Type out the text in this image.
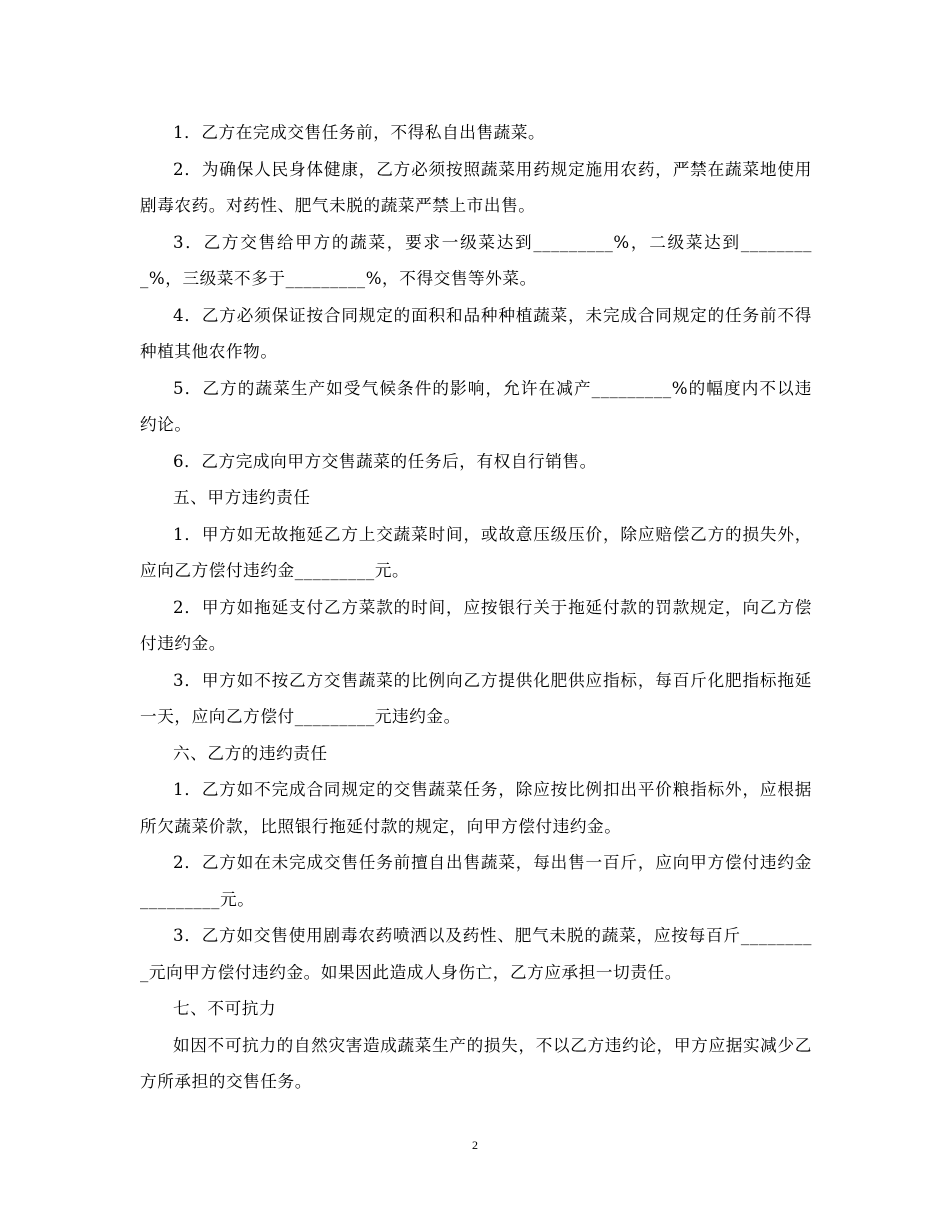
1．乙方在完成交售任务前，不得私自出售蔬菜。

2．为确保人民身体健康，乙方必须按照蔬菜用药规定施用农药，严禁在蔬菜地使用剧毒农药。对药性、肥气未脱的蔬菜严禁上市出售。

3．乙方交售给甲方的蔬菜，要求一级菜达到_________%，二级菜达到_________%，三级菜不多于_________%，不得交售等外菜。

4．乙方必须保证按合同规定的面积和品种种植蔬菜，未完成合同规定的任务前不得种植其他农作物。

5．乙方的蔬菜生产如受气候条件的影响，允许在减产_________%的幅度内不以违约论。

6．乙方完成向甲方交售蔬菜的任务后，有权自行销售。

五、甲方违约责任

1．甲方如无故拖延乙方上交蔬菜时间，或故意压级压价，除应赔偿乙方的损失外，应向乙方偿付违约金_________元。

2．甲方如拖延支付乙方菜款的时间，应按银行关于拖延付款的罚款规定，向乙方偿付违约金。

3．甲方如不按乙方交售蔬菜的比例向乙方提供化肥供应指标，每百斤化肥指标拖延一天，应向乙方偿付_________元违约金。

六、乙方的违约责任

1．乙方如不完成合同规定的交售蔬菜任务，除应按比例扣出平价粮指标外，应根据所欠蔬菜价款，比照银行拖延付款的规定，向甲方偿付违约金。

2．乙方如在未完成交售任务前擅自出售蔬菜，每出售一百斤，应向甲方偿付违约金_________元。

3．乙方如交售使用剧毒农药喷洒以及药性、肥气未脱的蔬菜，应按每百斤_________元向甲方偿付违约金。如果因此造成人身伤亡，乙方应承担一切责任。

七、不可抗力

如因不可抗力的自然灾害造成蔬菜生产的损失，不以乙方违约论，甲方应据实减少乙方所承担的交售任务。

2
